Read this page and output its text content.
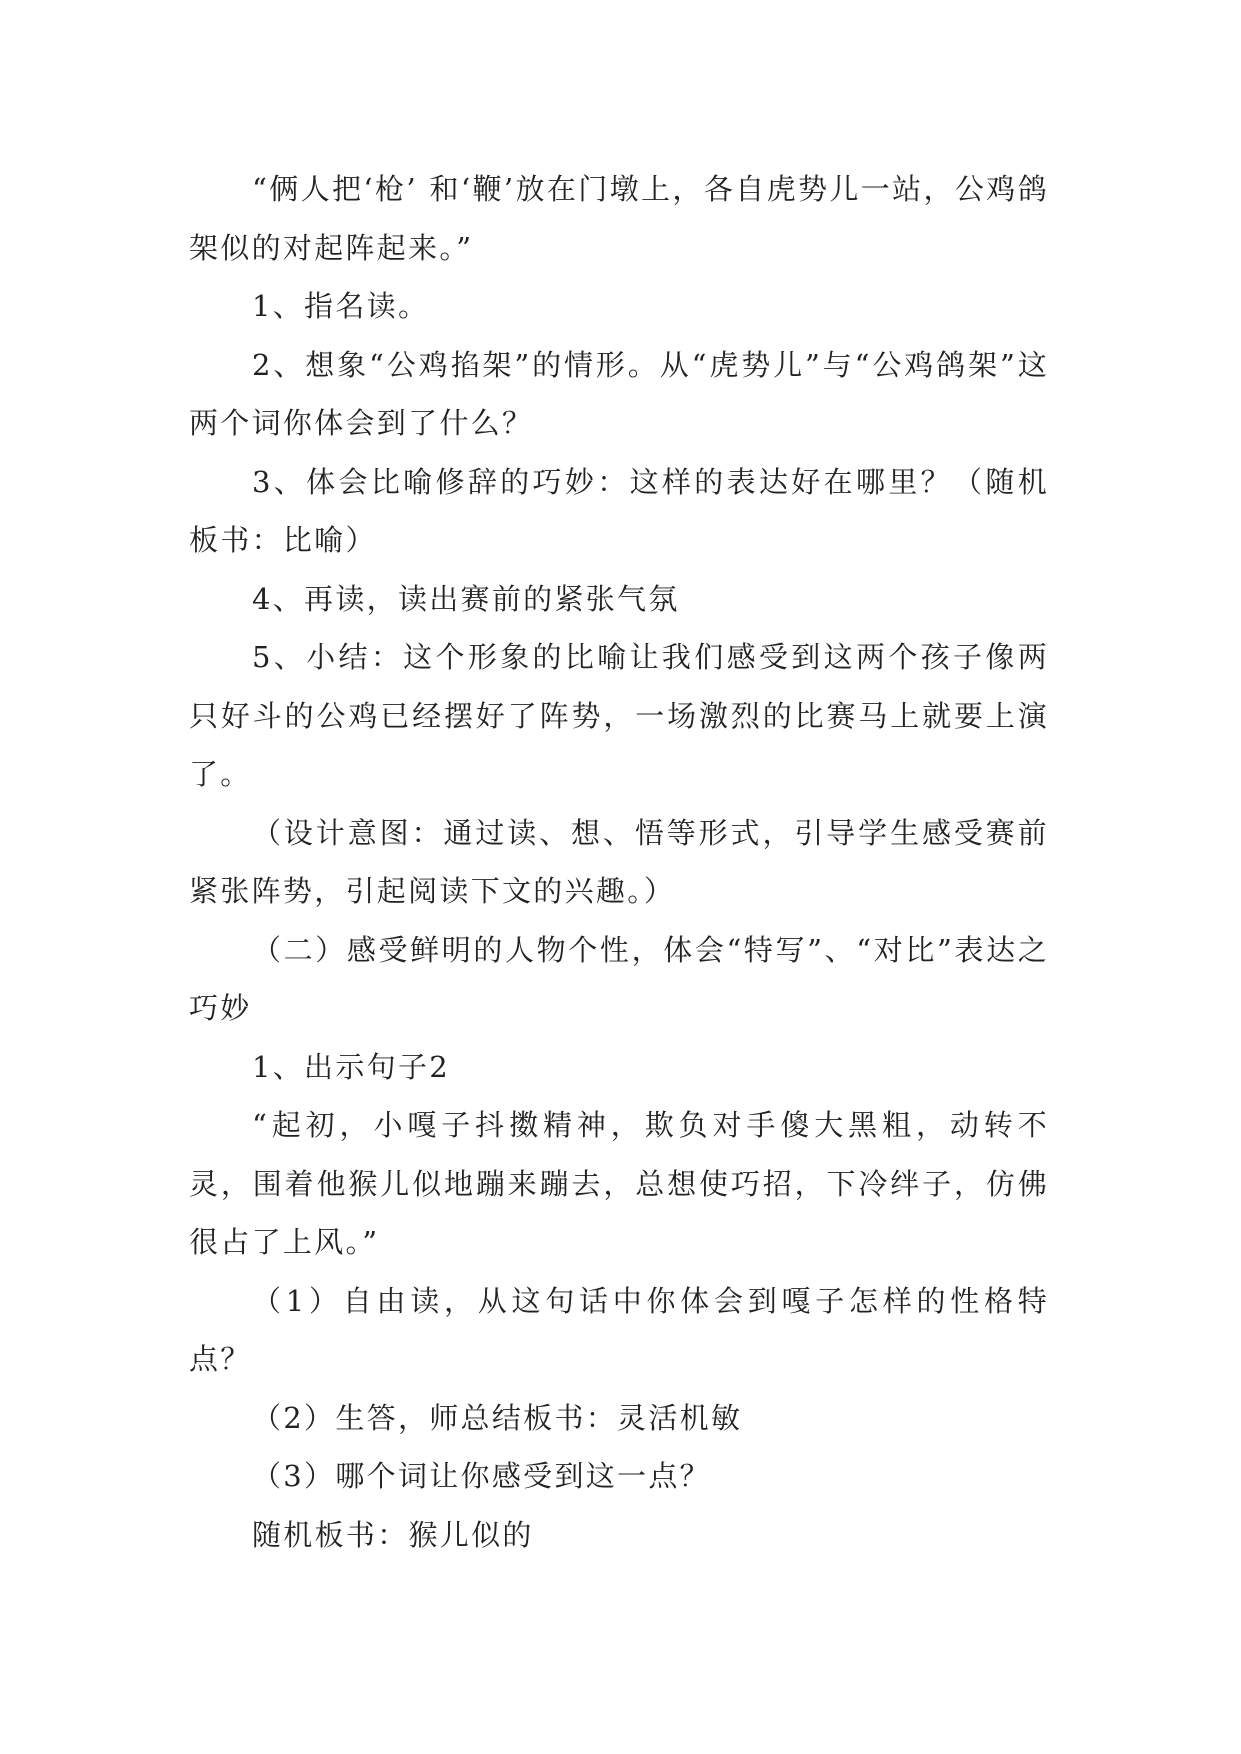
“俩人把‘枪’ 和‘鞭’放在门墩上，各自虎势儿一站，公鸡鸽架似的对起阵起来。”

1、指名读。

2、想象“公鸡掐架”的情形。从“虎势儿”与“公鸡鸽架”这两个词你体会到了什么？

3、体会比喻修辞的巧妙：这样的表达好在哪里？（随机板书：比喻）

4、再读，读出赛前的紧张气氛

5、小结：这个形象的比喻让我们感受到这两个孩子像两只好斗的公鸡已经摆好了阵势，一场激烈的比赛马上就要上演了。

（设计意图：通过读、想、悟等形式，引导学生感受赛前紧张阵势，引起阅读下文的兴趣。）

（二）感受鲜明的人物个性，体会“特写”、“对比”表达之巧妙

1、出示句子2

“起初，小嘎子抖擞精神，欺负对手傻大黑粗，动转不灵，围着他猴儿似地蹦来蹦去，总想使巧招，下冷绊子，仿佛很占了上风。”

（1）自由读，从这句话中你体会到嘎子怎样的性格特点？

（2）生答，师总结板书：灵活机敏

（3）哪个词让你感受到这一点？

随机板书：猴儿似的
